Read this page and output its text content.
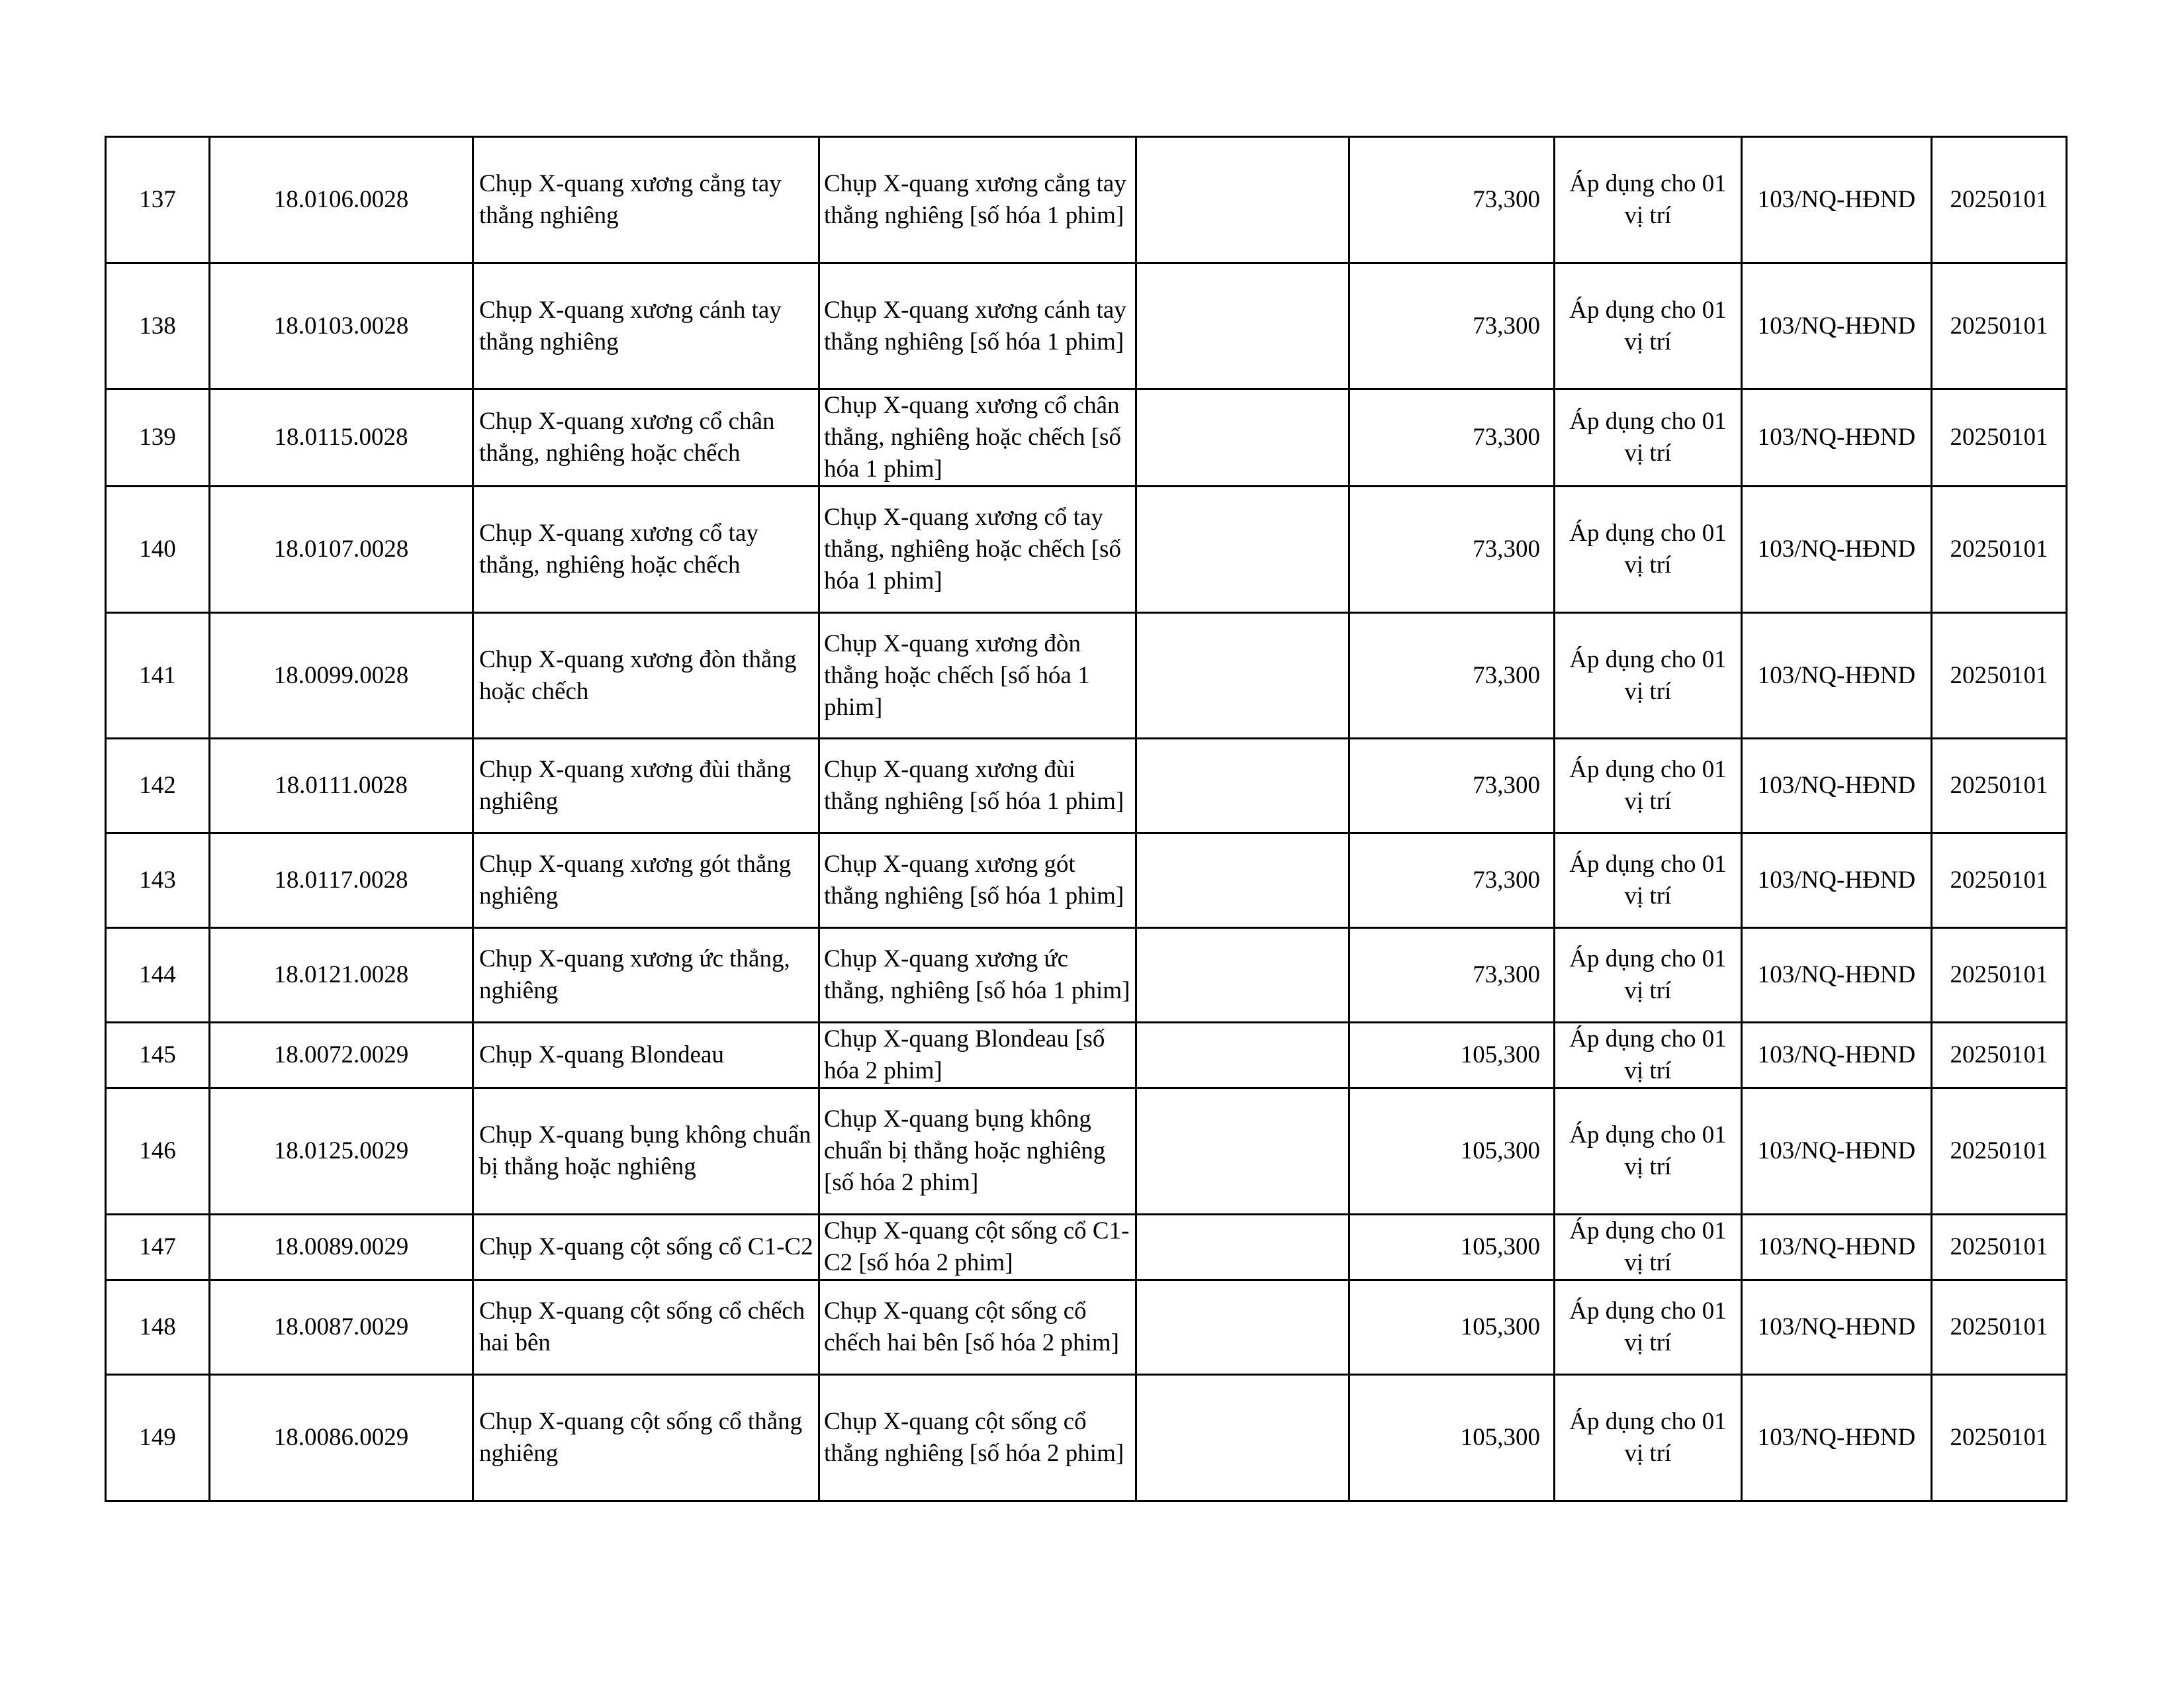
137	18.0106.0028	Chụp X-quang xương cẳng tay thẳng nghiêng	Chụp X-quang xương cẳng tay thẳng nghiêng [số hóa 1 phim]		73,300	Áp dụng cho 01 vị trí	103/NQ-HĐND	20250101
138	18.0103.0028	Chụp X-quang xương cánh tay thẳng nghiêng	Chụp X-quang xương cánh tay thẳng nghiêng [số hóa 1 phim]		73,300	Áp dụng cho 01 vị trí	103/NQ-HĐND	20250101
139	18.0115.0028	Chụp X-quang xương cổ chân thẳng, nghiêng hoặc chếch	Chụp X-quang xương cổ chân thẳng, nghiêng hoặc chếch [số hóa 1 phim]		73,300	Áp dụng cho 01 vị trí	103/NQ-HĐND	20250101
140	18.0107.0028	Chụp X-quang xương cổ tay thẳng, nghiêng hoặc chếch	Chụp X-quang xương cổ tay thẳng, nghiêng hoặc chếch [số hóa 1 phim]		73,300	Áp dụng cho 01 vị trí	103/NQ-HĐND	20250101
141	18.0099.0028	Chụp X-quang xương đòn thẳng hoặc chếch	Chụp X-quang xương đòn thẳng hoặc chếch [số hóa 1 phim]		73,300	Áp dụng cho 01 vị trí	103/NQ-HĐND	20250101
142	18.0111.0028	Chụp X-quang xương đùi thẳng nghiêng	Chụp X-quang xương đùi thẳng nghiêng [số hóa 1 phim]		73,300	Áp dụng cho 01 vị trí	103/NQ-HĐND	20250101
143	18.0117.0028	Chụp X-quang xương gót thẳng nghiêng	Chụp X-quang xương gót thẳng nghiêng [số hóa 1 phim]		73,300	Áp dụng cho 01 vị trí	103/NQ-HĐND	20250101
144	18.0121.0028	Chụp X-quang xương ức thẳng, nghiêng	Chụp X-quang xương ức thẳng, nghiêng [số hóa 1 phim]		73,300	Áp dụng cho 01 vị trí	103/NQ-HĐND	20250101
145	18.0072.0029	Chụp X-quang Blondeau	Chụp X-quang Blondeau [số hóa 2 phim]		105,300	Áp dụng cho 01 vị trí	103/NQ-HĐND	20250101
146	18.0125.0029	Chụp X-quang bụng không chuẩn bị thẳng hoặc nghiêng	Chụp X-quang bụng không chuẩn bị thẳng hoặc nghiêng [số hóa 2 phim]		105,300	Áp dụng cho 01 vị trí	103/NQ-HĐND	20250101
147	18.0089.0029	Chụp X-quang cột sống cổ C1-C2	Chụp X-quang cột sống cổ C1-C2 [số hóa 2 phim]		105,300	Áp dụng cho 01 vị trí	103/NQ-HĐND	20250101
148	18.0087.0029	Chụp X-quang cột sống cổ chếch hai bên	Chụp X-quang cột sống cổ chếch hai bên [số hóa 2 phim]		105,300	Áp dụng cho 01 vị trí	103/NQ-HĐND	20250101
149	18.0086.0029	Chụp X-quang cột sống cổ thẳng nghiêng	Chụp X-quang cột sống cổ thẳng nghiêng [số hóa 2 phim]		105,300	Áp dụng cho 01 vị trí	103/NQ-HĐND	20250101
